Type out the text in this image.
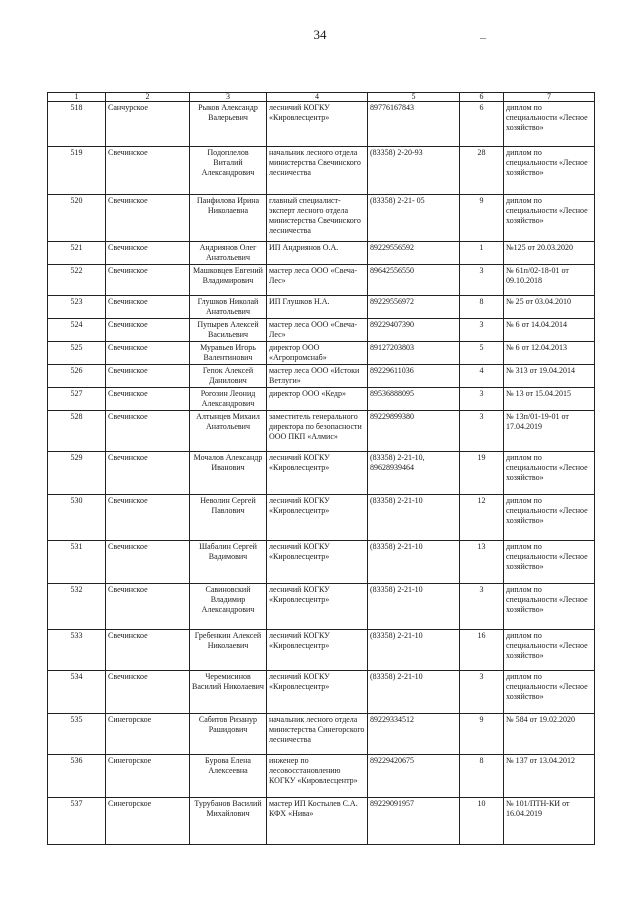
34	–
1	2	3	4	5	6	7
518	Санчурское	Рыков Александр Валерьевич	лесничий КОГКУ «Кировлесцентр»	89776167843	6	диплом по специальности «Лесное хозяйство»
519	Свечинское	Подоплелов Виталий Александрович	начальник лесного отдела министерства Свечинского лесничества	(83358) 2-20-93	28	диплом по специальности «Лесное хозяйство»
520	Свечинское	Панфилова Ирина Николаевна	главный специалист-эксперт лесного отдела министерства Свечинского лесничества	(83358) 2-21- 05	9	диплом по специальности «Лесное хозяйство»
521	Свечинское	Андриянов Олег Анатольевич	ИП Андриянов О.А.	89229556592	1	№125 от 20.03.2020
522	Свечинское	Машковцев Евгений Владимирович	мастер леса ООО «Свеча-Лес»	89642556550	3	№ 61п/02-18-01 от 09.10.2018
523	Свечинское	Глушков Николай Анатольевич	ИП Глушков Н.А.	89229556972	8	№ 25 от 03.04.2010
524	Свечинское	Пупырев Алексей Васильевич	мастер леса ООО «Свеча-Лес»	89229407390	3	№ 6 от 14.04.2014
525	Свечинское	Муравьев Игорь Валентинович	директор ООО «Агропромснаб»	89127203803	5	№ 6 от 12.04.2013
526	Свечинское	Гепок Алексей Данилович	мастер леса ООО «Истоки Ветлуги»	89229611036	4	№ 313 от 19.04.2014
527	Свечинское	Рогозин Леонид Александрович	директор ООО «Кедр»	89536888095	3	№ 13 от 15.04.2015
528	Свечинское	Алтынцев Михаил Анатольевич	заместитель генерального директора по безопасности ООО ПКП «Алмис»	89229899380	3	№ 13п/01-19-01 от 17.04.2019
529	Свечинское	Мочалов Александр Иванович	лесничий КОГКУ «Кировлесцентр»	(83358) 2-21-10, 89628939464	19	диплом по специальности «Лесное хозяйство»
530	Свечинское	Неволин Сергей Павлович	лесничий КОГКУ «Кировлесцентр»	(83358) 2-21-10	12	диплом по специальности «Лесное хозяйство»
531	Свечинское	Шабалин Сергей Вадимович	лесничий КОГКУ «Кировлесцентр»	(83358) 2-21-10	13	диплом по специальности «Лесное хозяйство»
532	Свечинское	Савиновский Владимир Александрович	лесничий КОГКУ «Кировлесцентр»	(83358) 2-21-10	3	диплом по специальности «Лесное хозяйство»
533	Свечинское	Гребенкин Алексей Николаевич	лесничий КОГКУ «Кировлесцентр»	(83358) 2-21-10	16	диплом по специальности «Лесное хозяйство»
534	Свечинское	Черемисинов Василий Николаевич	лесничий КОГКУ «Кировлесцентр»	(83358) 2-21-10	3	диплом по специальности «Лесное хозяйство»
535	Синегорское	Сабитов Ризанур Рашидович	начальник лесного отдела министерства Синегорского лесничества	89229334512	9	№ 584 от 19.02.2020
536	Синегорское	Бурова Елена Алексеевна	инженер по лесовосстановлению КОГКУ «Кировлесцентр»	89229420675	8	№ 137 от 13.04.2012
537	Синегорское	Турубанов Василий Михайлович	мастер ИП Костылев С.А. КФХ «Нива»	89229091957	10	№ 101/ПТН-КИ от 16.04.2019
